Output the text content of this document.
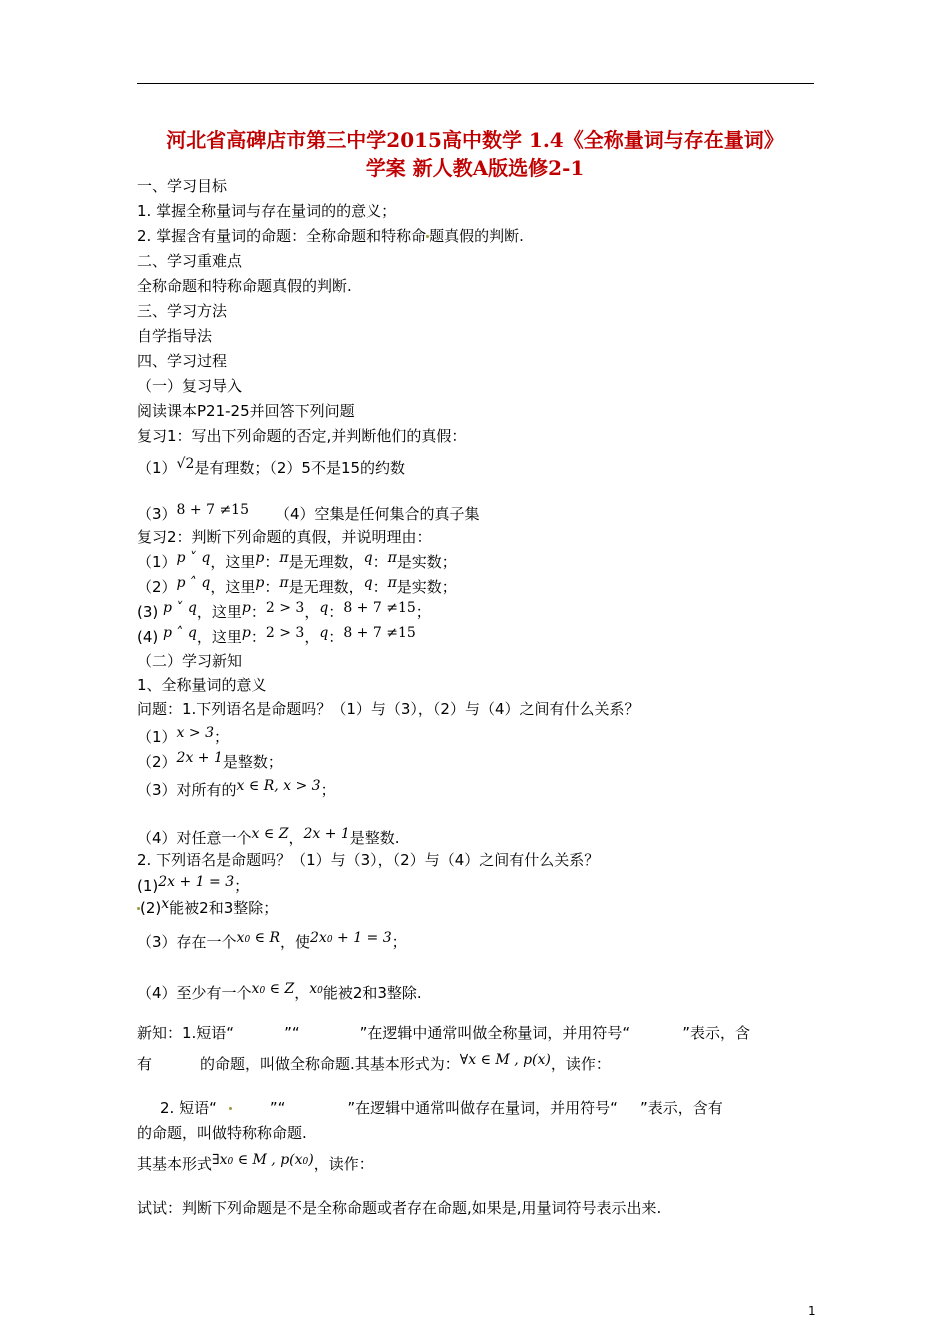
河北省高碑店市第三中学2015高中数学 1.4《全称量词与存在量词》
学案 新人教A版选修2-1
一、学习目标
1. 掌握全称量词与存在量词的的意义；
2. 掌握含有量词的命题：全称命题和特称命 题真假的判断.
二、学习重难点
全称命题和特称命题真假的判断.
三、学习方法
自学指导法
四、学习过程
（一）复习导入
阅读课本P21-25并回答下列问题
复习1：写出下列命题的否定,并判断他们的真假：
（1）√2是有理数；（2）5不是15的约数
（3）8 + 7 ≠15 （4）空集是任何集合的真子集
复习2：判断下列命题的真假，并说明理由：
（1）p ˅ q，这里p：π是无理数，q：π是实数；
（2）p ˄ q，这里p：π是无理数，q：π是实数；
(3) p ˅ q，这里p：2 > 3，q：8 + 7 ≠15；
(4) p ˄ q，这里p：2 > 3，q：8 + 7 ≠15
（二）学习新知
1、全称量词的意义
问题：1.下列语名是命题吗？（1）与（3），（2）与（4）之间有什么关系？
（1）x > 3；
（2）2x + 1是整数；
（3）对所有的x ∈ R, x > 3；
（4）对任意一个x ∈ Z，2x + 1是整数.
2. 下列语名是命题吗？（1）与（3），（2）与（4）之间有什么关系？
(1)2x + 1 = 3；
(2)x能被2和3整除；
（3）存在一个x0 ∈ R，使2x0 + 1 = 3；
（4）至少有一个x0 ∈ Z，x0能被2和3整除.
新知：1.短语“	”“	”在逻辑中通常叫做全称量词，并用符号“	”表示，含
有	的命题，叫做全称命题.其基本形式为：∀x ∈ M , p(x)，读作：
2. 短语“	”“	”在逻辑中通常叫做存在量词，并用符号“ ”表示，含有
的命题，叫做特称称命题.
其基本形式∃x0 ∈ M , p(x0)，读作：
试试：判断下列命题是不是全称命题或者存在命题,如果是,用量词符号表示出来.
1
